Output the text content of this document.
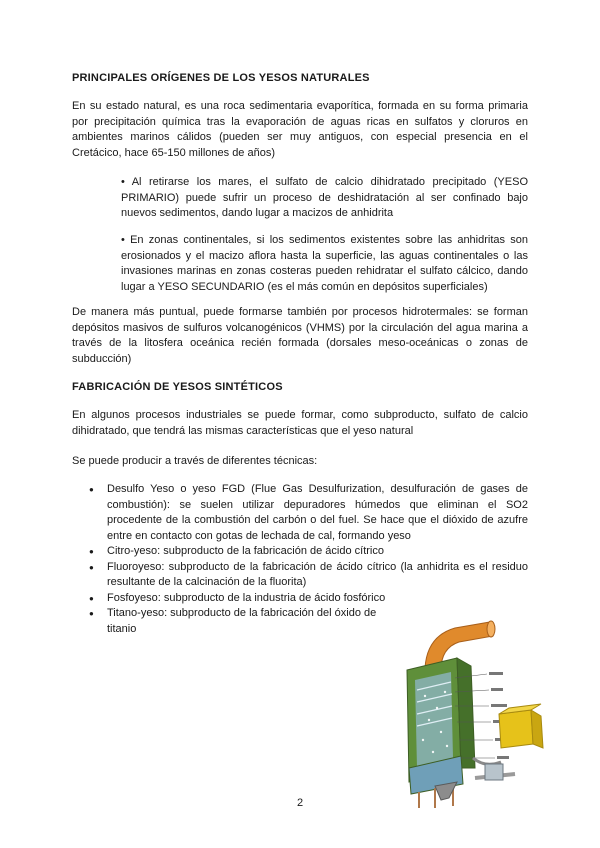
PRINCIPALES ORÍGENES DE LOS YESOS NATURALES

En su estado natural, es una roca sedimentaria evaporítica, formada en su forma primaria por precipitación química tras la evaporación de aguas ricas en sulfatos y cloruros en ambientes marinos cálidos (pueden ser muy antiguos, con especial presencia en el Cretácico, hace 65-150 millones de años)

• Al retirarse los mares, el sulfato de calcio dihidratado precipitado (YESO PRIMARIO) puede sufrir un proceso de deshidratación al ser confinado bajo nuevos sedimentos, dando lugar a macizos de anhidrita

• En zonas continentales, si los sedimentos existentes sobre las anhidritas son erosionados y el macizo aflora hasta la superficie, las aguas continentales o las invasiones marinas en zonas costeras pueden rehidratar el sulfato cálcico, dando lugar a YESO SECUNDARIO (es el más común en depósitos superficiales)

De manera más puntual, puede formarse también por procesos hidrotermales: se forman depósitos masivos de sulfuros volcanogénicos (VHMS) por la circulación del agua marina a través de la litosfera oceánica recién formada (dorsales meso-oceánicas o zonas de subducción)

FABRICACIÓN DE YESOS SINTÉTICOS

En algunos procesos industriales se puede formar, como subproducto, sulfato de calcio dihidratado, que tendrá las mismas características que el yeso natural

Se puede producir a través de diferentes técnicas:

● Desulfo Yeso o yeso FGD (Flue Gas Desulfurization, desulfuración de gases de combustión): se suelen utilizar depuradores húmedos que eliminan el SO2 procedente de la combustión del carbón o del fuel. Se hace que el dióxido de azufre entre en contacto con gotas de lechada de cal, formando yeso
● Citro-yeso: subproducto de la fabricación de ácido cítrico
● Fluoroyeso: subproducto de la fabricación de ácido cítrico (la anhidrita es el residuo resultante de la calcinación de la fluorita)
● Fosfoyeso: subproducto de la industria de ácido fosfórico
● Titano-yeso: subproducto de la fabricación del óxido de titanio
2
